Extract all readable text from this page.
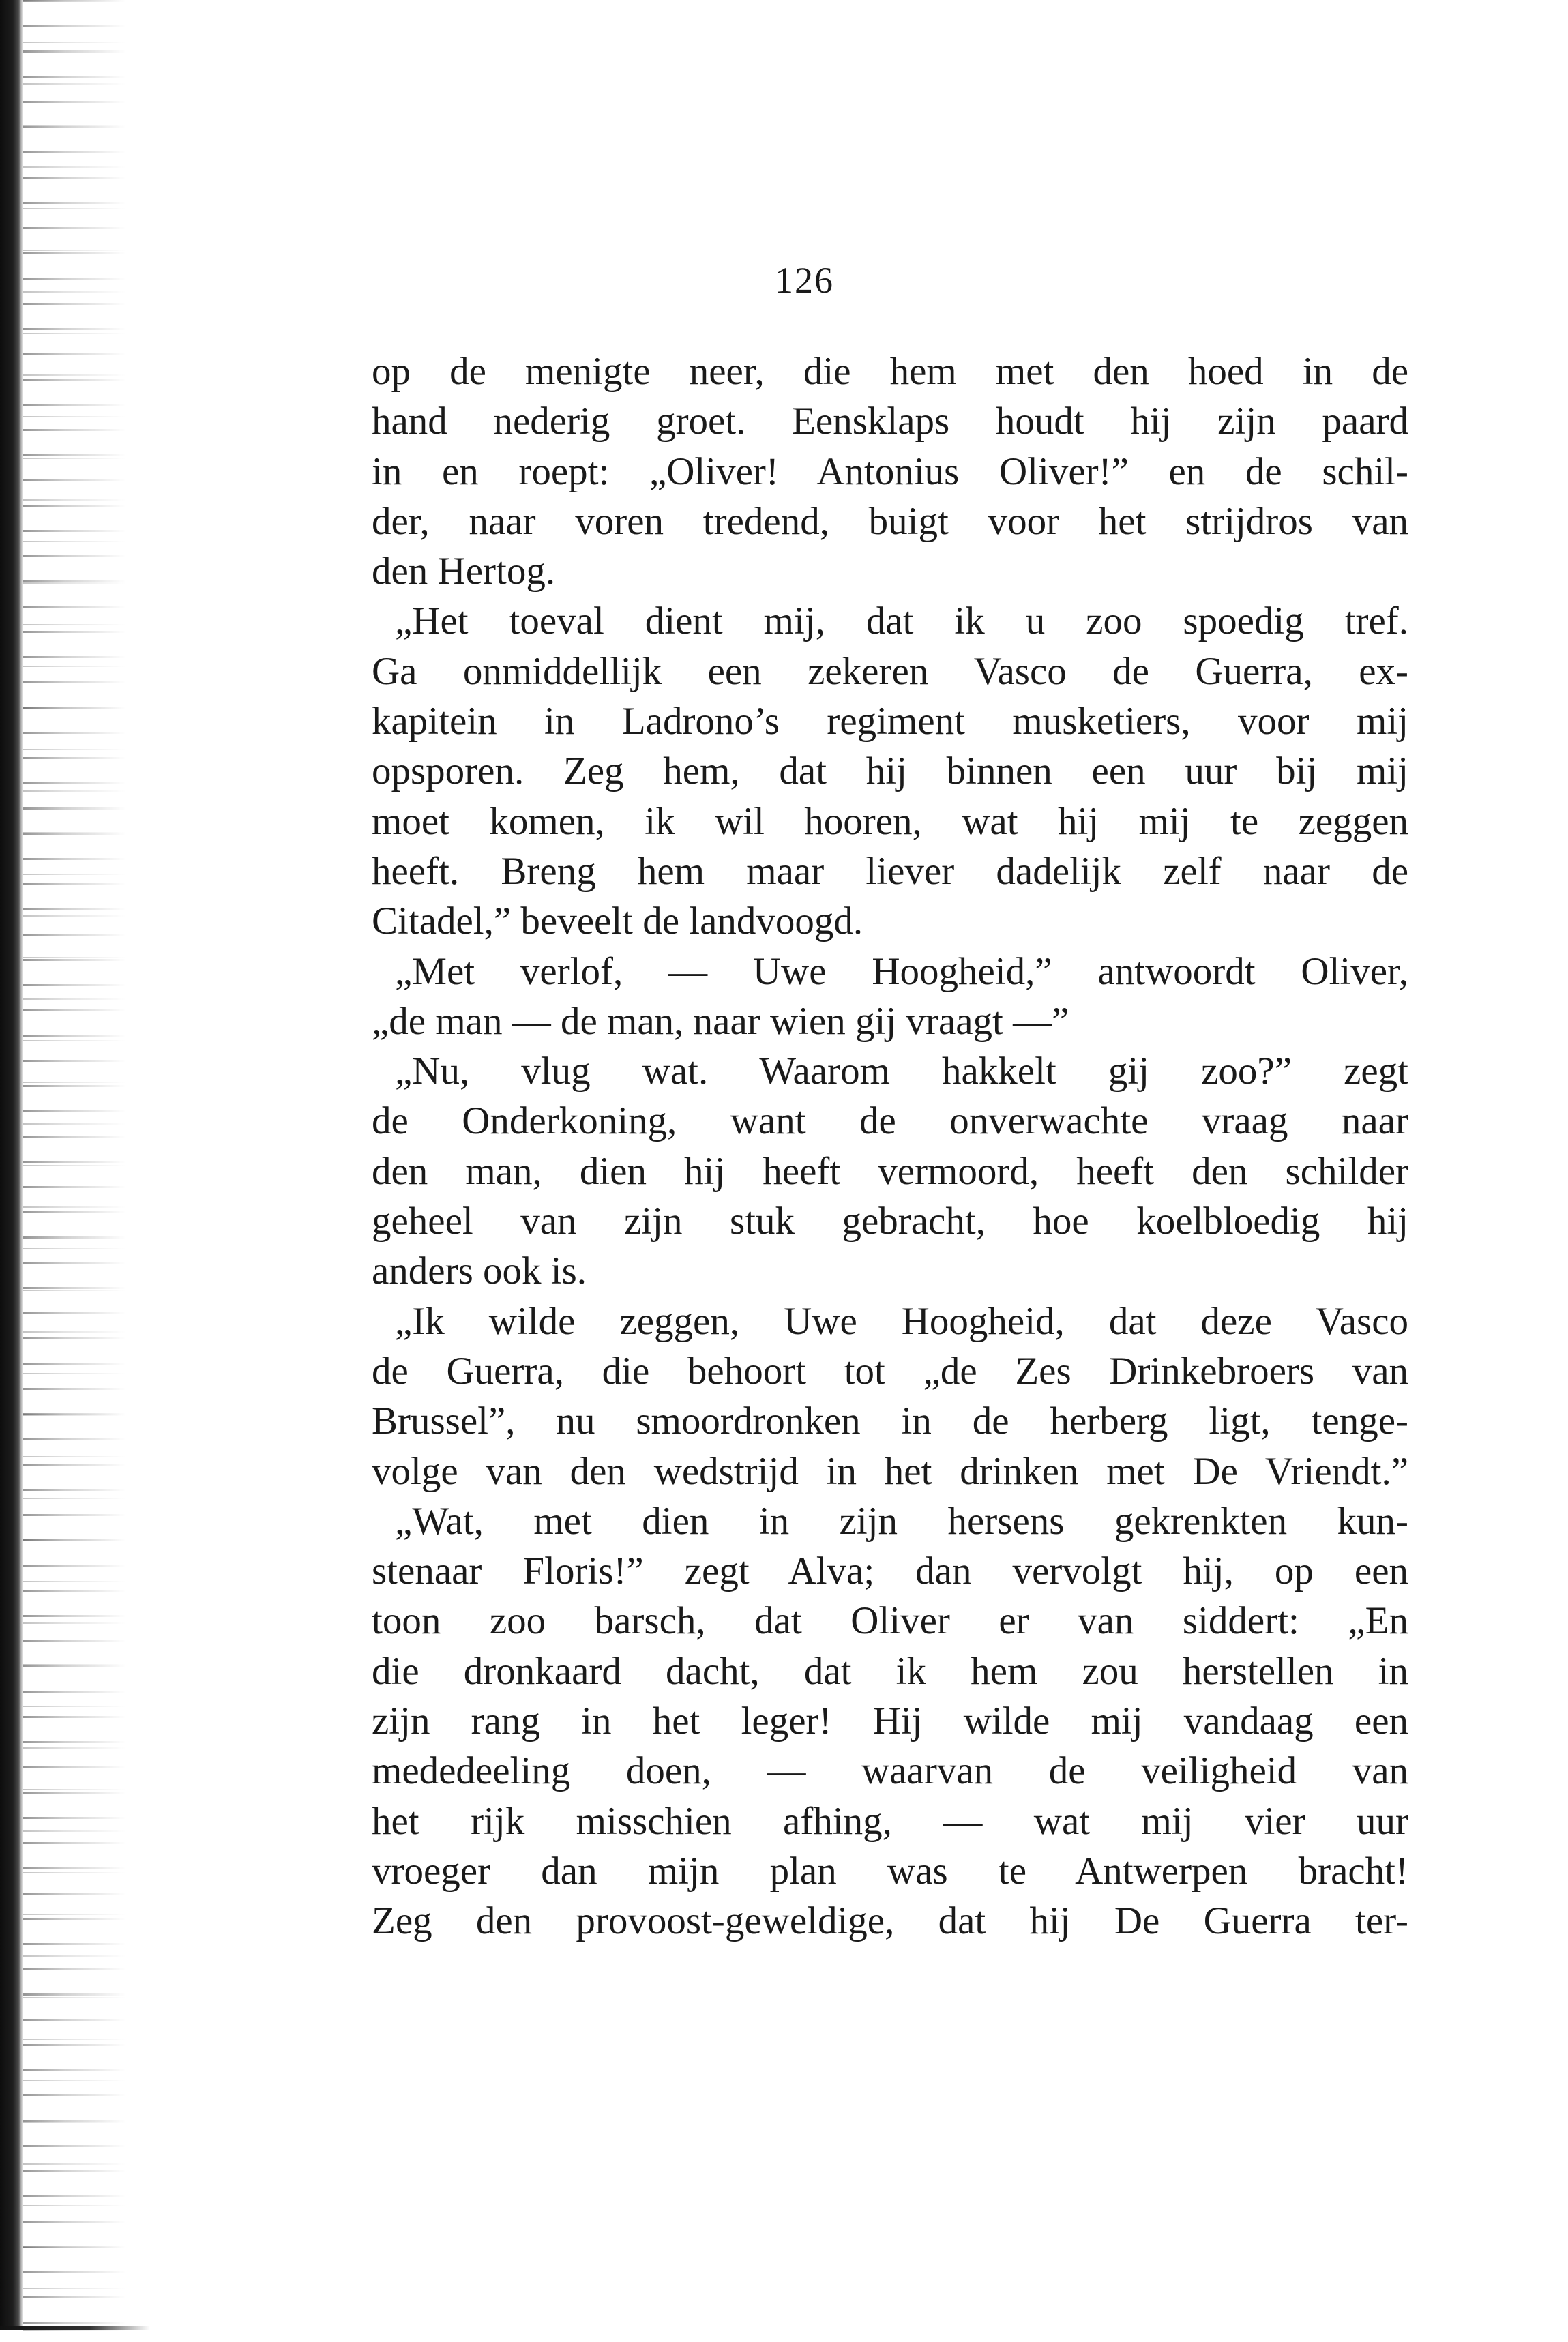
126

op de menigte neer, die hem met den hoed in de
hand nederig groet. Eensklaps houdt hij zijn paard
in en roept: „Oliver! Antonius Oliver!” en de schil-
der, naar voren tredend, buigt voor het strijdros van
den Hertog.
„Het toeval dient mij, dat ik u zoo spoedig tref.
Ga onmiddellijk een zekeren Vasco de Guerra, ex-
kapitein in Ladrono’s regiment musketiers, voor mij
opsporen. Zeg hem, dat hij binnen een uur bij mij
moet komen, ik wil hooren, wat hij mij te zeggen
heeft. Breng hem maar liever dadelijk zelf naar de
Citadel,” beveelt de landvoogd.
„Met verlof, — Uwe Hoogheid,” antwoordt Oliver,
„de man — de man, naar wien gij vraagt —”
„Nu, vlug wat. Waarom hakkelt gij zoo?” zegt
de Onderkoning, want de onverwachte vraag naar
den man, dien hij heeft vermoord, heeft den schilder
geheel van zijn stuk gebracht, hoe koelbloedig hij
anders ook is.
„Ik wilde zeggen, Uwe Hoogheid, dat deze Vasco
de Guerra, die behoort tot „de Zes Drinkebroers van
Brussel”, nu smoordronken in de herberg ligt, tenge-
volge van den wedstrijd in het drinken met De Vriendt.”
„Wat, met dien in zijn hersens gekrenkten kun-
stenaar Floris!” zegt Alva; dan vervolgt hij, op een
toon zoo barsch, dat Oliver er van siddert: „En
die dronkaard dacht, dat ik hem zou herstellen in
zijn rang in het leger! Hij wilde mij vandaag een
mededeeling doen, — waarvan de veiligheid van
het rijk misschien afhing, — wat mij vier uur
vroeger dan mijn plan was te Antwerpen bracht!
Zeg den provoost-geweldige, dat hij De Guerra ter-
